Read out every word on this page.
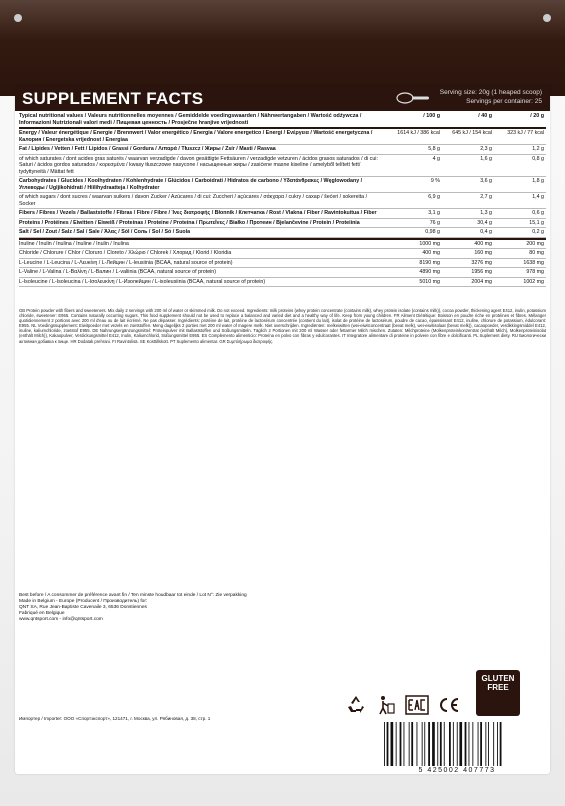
SUPPLEMENT FACTS	Serving size: 20g (1 heaped scoop)
Servings per container: 25
Typical nutritional values / Valeurs nutritionnelles moyennes / Gemiddelde voedingswaarden / Nährwertangaben / Wartość odżywcza / Informazioni Nutrizionali valori medi / Пищевая ценность / Prosječne hranjive vrijednosti
/ 100 g	/ 40 g	/ 20 g
Energy / Valeur énergétique / Energie / Brennwert / Valor energético / Energia / Valore energetico / Energi / Ενέργεια / Wartość energetyczna / Калория / Energetska vrijednost / Energiaa
1614 kJ / 386 kcal	645 kJ / 154 kcal	323 kJ / 77 kcal
Fat / Lipides / Vetten / Fett / Lipidos / Grassi / Gordura / Λιπαρά / Tłuszcz / Жиры / Zsír / Masti / Rasvaa	5,8 g	2,3 g	1,2 g
of which saturates / dont acides gras saturés / waarvan verzadigde / davon gesättigte Fettsäuren / verzadigde vetzuren / ácidos grasos saturados / di cui: Saturi / ácidos gordos saturados / κορεσμένα / kwasy tłuszczowe nasycone / насыщенные жиры / zasićene masne kiseline / amelyből telített fett/ tydyttyneitä / Mättat fett
4 g	1,6 g	0,8 g
Carbohydrates / Glucides / Koolhydraten / Kohlenhydrate / Glúcidos / Carboidrati / Hidratos de carbono / Υδατάνθρακες / Węglowodany / Углеводы / Ugljikohidrati / Hiilihydraatteja / Kolhydrater
9 %	3,6 g	1,8 g
of which sugars / dont sucres / waarvan suikers / davon Zucker / Azúcares / di cui: Zuccheri / açúcares / σάκχαρα / cukry / сахар / šećeri / sokereita / Socker
6,9 g	2,7 g	1,4 g
Fibers / Fibres / Vezels / Ballaststoffe / Fibras / Fibre / Fibre / Ίνες διατροφής / Błonnik / Клетчатка / Rost / Vlakna / Fiber / Ravintokuitua / Fiber	3,1 g	1,3 g	0,6 g
Proteins / Protéines / Eiwitten / Eiweiß / Proteínas / Proteine / Proteína / Πρωτεΐνες / Białko / Протеин / Bjelančevine / Protein / Proteiinia	76 g	30,4 g	15,1 g
Salt / Sel / Zout / Salz / Sal / Sale / Άλας / Sól / Соль / Sol / Só / Suola	0,98 g	0,4 g	0,2 g
Inuline / Inulin / Inulina / Inuline / Inulin / Inulina	1000 mg	400 mg	200 mg
Chloride / Chlorure / Chlor / Cloruro / Cloreto / Χλώριο / Chlorek / Хлорид / Klorid / Kloridia	400 mg	160 mg	80 mg
L-Leucine / L-Leucina / L-Λευκίνη / L-Лейцин / L-leusiinia (BCAA, natural source of protein)	8190 mg	3276 mg	1638 mg
L-Valine / L-Valina / L-Βαλίνη / L-Валин / L-valiinia (BCAA, natural source of protein)	4890 mg	1956 mg	978 mg
L-Isoleucine / L-Isoleucina / L-Ισολευκίνη / L-Изолейцин / L-isoleusiinia (BCAA, natural source of protein)	5010 mg	2004 mg	1002 mg
GB Protein powder with fibers and sweeteners. Mix daily 2 servings with 200 ml of water or skimmed milk. Do not exceed. Ingredients: milk proteins (whey protein concentrate (contains milk), whey protein isolate (contains milk)), cocoa powder, thickening agent E412, inulin, potassium chloride, sweetener: E955. Contains naturally occurring sugars. This food supplement should not be used to replace a balanced and varied diet and a healthy way of life. Keep from young children. FR Aliment Diététique: Boisson en poudre riche en protéines et fibres. Mélanger quotidiennement 2 portions avec 200 ml d'eau ou de lait écrémé. Ne pas dépasser. Ingrédients: protéine de lait, protéine de lactosérum concentrée (contient du lait), isolat de protéine de lactosérum, poudre de cacao, épaississant E412, inuline, chlorure de potassium, édulcorant: E955. NL Voedingssupplement: Eiwitpoeder met vezels en zoetstoffen. Meng dagelijks 2 porties met 200 ml water of magere melk. Niet overschrijden. Ingrediënten: melkeiwitten (wei-eiwitconcentraat (bevat melk), wei-eiwitisolaat (bevat melk)), cacaopoeder, verdikkingsmiddel E412, inuline, kaliumchloride, zoetstof E955. DE Nahrungsergänzungsmittel: Proteinpulver mit Ballaststoffen und Süßungsmitteln. Täglich 2 Portionen mit 200 ml Wasser oder fettarmer Milch mischen. Zutaten: Milchproteine (Molkenproteinkonzentrat (enthält Milch), Molkenproteinisolat (enthält Milch)), Kakaopulver, Verdickungsmittel E412, Inulin, Kaliumchlorid, Süßungsmittel E955. ES Complemento alimenticio: Proteína en polvo con fibras y edulcorantes. IT Integratore alimentare di proteine in polvere con fibre e dolcificanti. PL Suplement diety. RU Биологически активная добавка к пище. HR Dodatak prehrani. FI Ravintolisä. SE Kosttillskott. PT Suplemento alimentar. GR Συμπλήρωμα διατροφής.
Best before / A consommer de préférence avant fin / Ten minste houdbaar tot einde / Lot N°: Zie verpakking
Made in Belgium - Europe (Producent / Производитель) for:
QNT SA, Rue Jean-Baptiste Cavenaile 3, 6536 Donstiennes
Fabriqué en Belgique
www.qntsport.com - info@qntsport.com
Импортер / Importer: ООО «Спортэкспорт», 121471, г. Москва, ул. Рябиновая, д. 38, стр. 1
GLUTEN
FREE
5 425002 407773
